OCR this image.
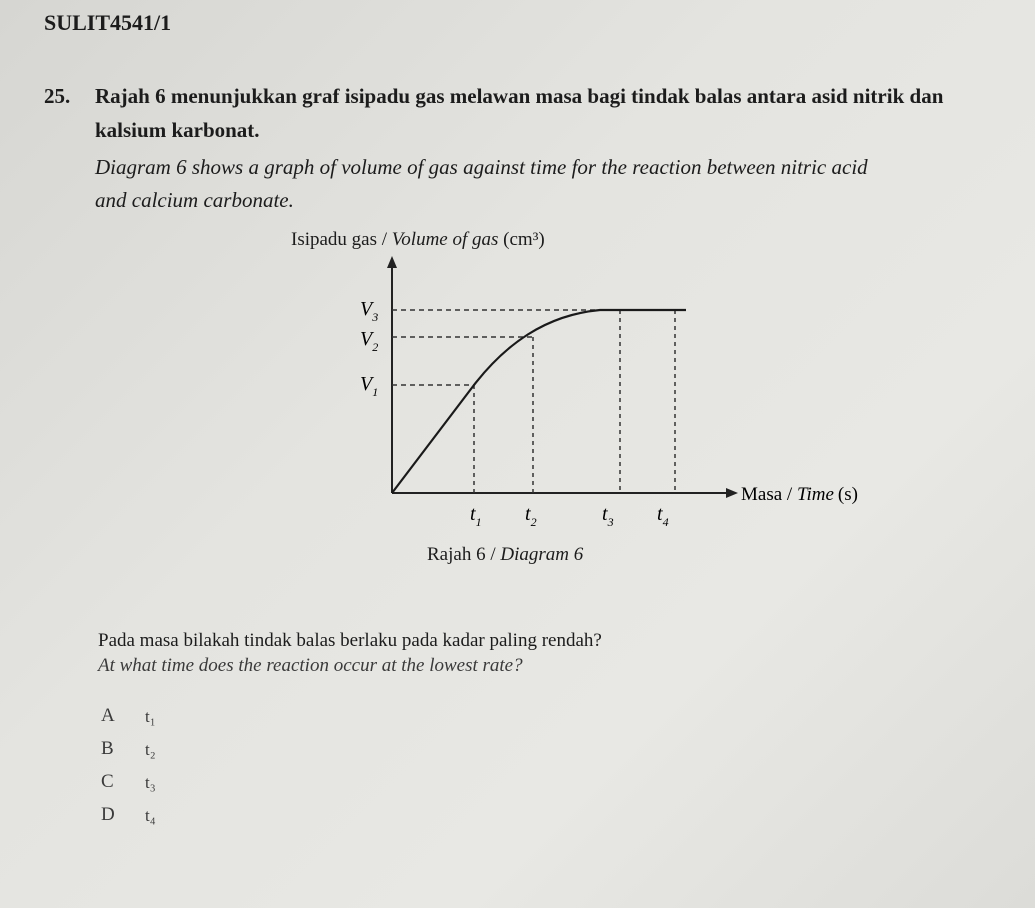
SULIT4541/1
25. Rajah 6 menunjukkan graf isipadu gas melawan masa bagi tindak balas antara asid nitrik dan
kalsium karbonat.
Diagram 6 shows a graph of volume of gas against time for the reaction between nitric acid
and calcium carbonate.
Isipadu gas / Volume of gas (cm³)
$V_3$
$V_2$
$V_1$
$t_1$ $t_2$	$t_3$ $t_4$
Masa / Time (s)
Rajah 6 / Diagram 6
Pada masa bilakah tindak balas berlaku pada kadar paling rendah?
At what time does the reaction occur at the lowest rate?
A t₁
B t₂
C t₃
D t₄
